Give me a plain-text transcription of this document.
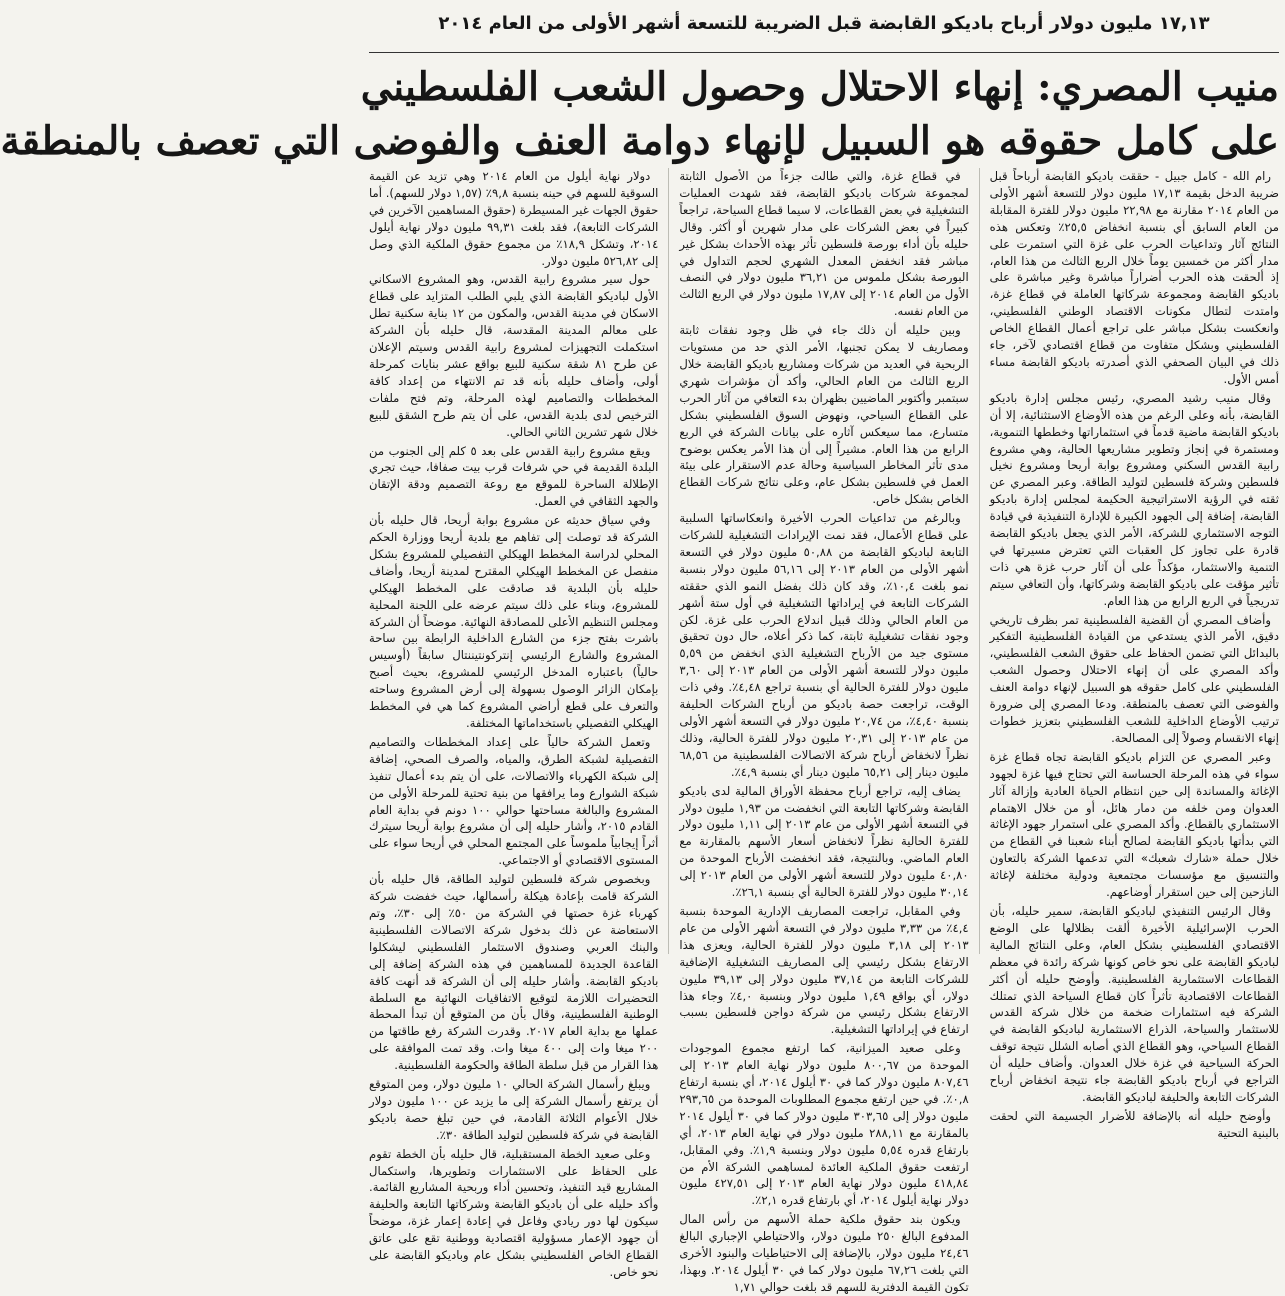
١٧,١٣ مليون دولار أرباح باديكو القابضة قبل الضريبة للتسعة أشهر الأولى من العام ٢٠١٤
منيب المصري: إنهاء الاحتلال وحصول الشعب الفلسطيني
على كامل حقوقه هو السبيل لإنهاء دوامة العنف والفوضى التي تعصف بالمنطقة

رام الله - كامل جبيل - حققت باديكو القابضة أرباحاً قبل ضريبة الدخل بقيمة ١٧,١٣ مليون دولار للتسعة أشهر الأولى من العام ٢٠١٤ مقارنة مع ٢٢,٩٨ مليون دولار للفترة المقابلة من العام السابق أي بنسبة انخفاض ٢٥,٥٪ وتعكس هذه النتائج آثار وتداعيات الحرب على غزة التي استمرت على مدار أكثر من خمسين يوماً خلال الربع الثالث من هذا العام، إذ ألحقت هذه الحرب أضراراً مباشرة وغير مباشرة على باديكو القابضة ومجموعة شركاتها العاملة في قطاع غزة، وامتدت لتطال مكونات الاقتصاد الوطني الفلسطيني، وانعكست بشكل مباشر على تراجع أعمال القطاع الخاص الفلسطيني وبشكل متفاوت من قطاع اقتصادي لآخر، جاء ذلك في البيان الصحفي الذي أصدرته باديكو القابضة مساء أمس الأول.

وقال منيب رشيد المصري، رئيس مجلس إدارة باديكو القابضة، بأنه وعلى الرغم من هذه الأوضاع الاستثنائية، إلا أن باديكو القابضة ماضية قدماً في استثماراتها وخططها التنموية، ومستمرة في إنجاز وتطوير مشاريعها الحالية، وهي مشروع رابية القدس السكني ومشروع بوابة أريحا ومشروع نخيل فلسطين وشركة فلسطين لتوليد الطاقة. وعبر المصري عن ثقته في الرؤية الاستراتيجية الحكيمة لمجلس إدارة باديكو القابضة، إضافة إلى الجهود الكبيرة للإدارة التنفيذية في قيادة التوجه الاستثماري للشركة، الأمر الذي يجعل باديكو القابضة قادرة على تجاوز كل العقبات التي تعترض مسيرتها في التنمية والاستثمار، مؤكداً على أن آثار حرب غزة هي ذات تأثير مؤقت على باديكو القابضة وشركاتها، وأن التعافي سيتم تدريجياً في الربع الرابع من هذا العام.

وأضاف المصري أن القضية الفلسطينية تمر بظرف تاريخي دقيق، الأمر الذي يستدعي من القيادة الفلسطينية التفكير بالبدائل التي تضمن الحفاظ على حقوق الشعب الفلسطيني، وأكد المصري على أن إنهاء الاحتلال وحصول الشعب الفلسطيني على كامل حقوقه هو السبيل لإنهاء دوامة العنف والفوضى التي تعصف بالمنطقة. ودعا المصري إلى ضرورة ترتيب الأوضاع الداخلية للشعب الفلسطيني بتعزيز خطوات إنهاء الانقسام وصولاً إلى المصالحة.

وعبر المصري عن التزام باديكو القابضة تجاه قطاع غزة سواء في هذه المرحلة الحساسة التي تحتاج فيها غزة لجهود الإغاثة والمساندة إلى حين انتظام الحياة العادية وإزالة آثار العدوان ومن خلفه من دمار هائل، أو من خلال الاهتمام الاستثماري بالقطاع. وأكد المصري على استمرار جهود الإغاثة التي بدأتها باديكو القابضة لصالح أبناء شعبنا في القطاع من خلال حملة «شارك شعبك» التي تدعمها الشركة بالتعاون والتنسيق مع مؤسسات مجتمعية ودولية مختلفة لإغاثة النازحين إلى حين استقرار أوضاعهم.

وقال الرئيس التنفيذي لباديكو القابضة، سمير حليله، بأن الحرب الإسرائيلية الأخيرة ألقت بظلالها على الوضع الاقتصادي الفلسطيني بشكل العام، وعلى النتائج المالية لباديكو القابضة على نحو خاص كونها شركة رائدة في معظم القطاعات الاستثمارية الفلسطينية. وأوضح حليله أن أكثر القطاعات الاقتصادية تأثراً كان قطاع السياحة الذي تمتلك الشركة فيه استثمارات ضخمة من خلال شركة القدس للاستثمار والسياحة، الذراع الاستثمارية لباديكو القابضة في القطاع السياحي، وهو القطاع الذي أصابه الشلل نتيجة توقف الحركة السياحية في غزة خلال العدوان. وأضاف حليله أن التراجع في أرباح باديكو القابضة جاء نتيجة انخفاض أرباح الشركات التابعة والحليفة لباديكو القابضة.

وأوضح حليله أنه بالإضافة للأضرار الجسيمة التي لحقت بالبنية التحتية

في قطاع غزة، والتي طالت جزءاً من الأصول الثابتة لمجموعة شركات باديكو القابضة، فقد شهدت العمليات التشغيلية في بعض القطاعات، لا سيما قطاع السياحة، تراجعاً كبيراً في بعض الشركات على مدار شهرين أو أكثر. وقال حليله بأن أداء بورصة فلسطين تأثر بهذه الأحداث بشكل غير مباشر فقد انخفض المعدل الشهري لحجم التداول في البورصة بشكل ملموس من ٣٦,٢١ مليون دولار في النصف الأول من العام ٢٠١٤ إلى ١٧,٨٧ مليون دولار في الربع الثالث من العام نفسه.

وبين حليله أن ذلك جاء في ظل وجود نفقات ثابتة ومصاريف لا يمكن تجنبها، الأمر الذي حد من مستويات الربحية في العديد من شركات ومشاريع باديكو القابضة خلال الربع الثالث من العام الحالي، وأكد أن مؤشرات شهري سبتمبر وأكتوبر الماضيين بظهران بدء التعافي من آثار الحرب على القطاع السياحي، ونهوض السوق الفلسطيني بشكل متسارع، مما سيعكس آثاره على بيانات الشركة في الربع الرابع من هذا العام. مشيراً إلى أن هذا الأمر يعكس بوضوح مدى تأثر المخاطر السياسية وحالة عدم الاستقرار على بيئة العمل في فلسطين بشكل عام، وعلى نتائج شركات القطاع الخاص بشكل خاص.

وبالرغم من تداعيات الحرب الأخيرة وانعكاساتها السلبية على قطاع الأعمال، فقد نمت الإيرادات التشغيلية للشركات التابعة لباديكو القابضة من ٥٠,٨٨ مليون دولار في التسعة أشهر الأولى من العام ٢٠١٣ إلى ٥٦,١٦ مليون دولار بنسبة نمو بلغت ١٠,٤٪، وقد كان ذلك بفضل النمو الذي حققته الشركات التابعة في إيراداتها التشغيلية في أول ستة أشهر من العام الحالي وذلك قبيل اندلاع الحرب على غزة. لكن وجود نفقات تشغيلية ثابتة، كما ذكر أعلاه، حال دون تحقيق مستوى جيد من الأرباح التشغيلية الذي انخفض من ٥,٥٩ مليون دولار للتسعة أشهر الأولى من العام ٢٠١٣ إلى ٣,٦٠ مليون دولار للفترة الحالية أي بنسبة تراجع ٤,٤٨٪. وفي ذات الوقت، تراجعت حصة باديكو من أرباح الشركات الحليفة بنسبة ٤,٤٠٪، من ٢٠,٧٤ مليون دولار في التسعة أشهر الأولى من عام ٢٠١٣ إلى ٢٠,٣١ مليون دولار للفترة الحالية، وذلك نظراً لانخفاض أرباح شركة الاتصالات الفلسطينية من ٦٨,٥٦ مليون دينار إلى ٦٥,٢١ مليون دينار أي بنسبة ٤,٩٪.

يضاف إليه، تراجع أرباح محفظة الأوراق المالية لدى باديكو القابضة وشركاتها التابعة التي انخفضت من ١,٩٣ مليون دولار في التسعة أشهر الأولى من عام ٢٠١٣ إلى ١,١١ مليون دولار للفترة الحالية نظراً لانخفاض أسعار الأسهم بالمقارنة مع العام الماضي. وبالنتيجة، فقد انخفضت الأرباح الموحدة من ٤٠,٨٠ مليون دولار للتسعة أشهر الأولى من العام ٢٠١٣ إلى ٣٠,١٤ مليون دولار للفترة الحالية أي بنسبة ٢٦,١٪.

وفي المقابل، تراجعت المصاريف الإدارية الموحدة بنسبة ٤,٤٪ من ٣,٣٣ مليون دولار في التسعة أشهر الأولى من عام ٢٠١٣ إلى ٣,١٨ مليون دولار للفترة الحالية، ويعزى هذا الارتفاع بشكل رئيسي إلى المصاريف التشغيلية الإضافية للشركات التابعة من ٣٧,١٤ مليون دولار إلى ٣٩,١٣ مليون دولار، أي بواقع ١,٤٩ مليون دولار وبنسبة ٤,٠٪ وجاء هذا الارتفاع بشكل رئيسي من شركة دواجن فلسطين بسبب ارتفاع في إيراداتها التشغيلية.

وعلى صعيد الميزانية، كما ارتفع مجموع الموجودات الموحدة من ٨٠٠,٦٧ مليون دولار نهاية العام ٢٠١٣ إلى ٨٠٧,٤٦ مليون دولار كما في ٣٠ أيلول ٢٠١٤، أي بنسبة ارتفاع ٠,٨٪. في حين ارتفع مجموع المطلوبات الموحدة من ٢٩٣,٦٥ مليون دولار إلى ٣٠٣,٦٥ مليون دولار كما في ٣٠ أيلول ٢٠١٤ بالمقارنة مع ٢٨٨,١١ مليون دولار في نهاية العام ٢٠١٣، أي بارتفاع قدره ٥,٥٤ مليون دولار وبنسبة ١,٩٪. وفي المقابل، ارتفعت حقوق الملكية العائدة لمساهمي الشركة الأم من ٤١٨,٨٤ مليون دولار نهاية العام ٢٠١٣ إلى ٤٢٧,٥١ مليون دولار نهاية أيلول ٢٠١٤، أي بارتفاع قدره ٢,١٪.

ويكون بند حقوق ملكية حملة الأسهم من رأس المال المدفوع البالغ ٢٥٠ مليون دولار، والاحتياطي الإجباري البالغ ٢٤,٤٦ مليون دولار، بالإضافة إلى الاحتياطيات والبنود الأخرى التي بلغت ٦٧,٢٦ مليون دولار كما في ٣٠ أيلول ٢٠١٤. وبهذا، تكون القيمة الدفترية للسهم قد بلغت حوالي ١,٧١

دولار نهاية أيلول من العام ٢٠١٤ وهي تزيد عن القيمة السوقية للسهم في حينه بنسبة ٩,٨٪ (١,٥٧ دولار للسهم). أما حقوق الجهات غير المسيطرة (حقوق المساهمين الآخرين في الشركات التابعة)، فقد بلغت ٩٩,٣١ مليون دولار نهاية أيلول ٢٠١٤، وتشكل ١٨,٩٪ من مجموع حقوق الملكية الذي وصل إلى ٥٢٦,٨٢ مليون دولار.

حول سير مشروع رابية القدس، وهو المشروع الاسكاني الأول لباديكو القابضة الذي يلبي الطلب المتزايد على قطاع الاسكان في مدينة القدس، والمكون من ١٢ بناية سكنية تطل على معالم المدينة المقدسة، قال حليله بأن الشركة استكملت التجهيزات لمشروع رابية القدس وسيتم الإعلان عن طرح ٨١ شقة سكنية للبيع بواقع عشر بنايات كمرحلة أولى، وأضاف حليله بأنه قد تم الانتهاء من إعداد كافة المخططات والتصاميم لهذه المرحلة، وتم فتح ملفات الترخيص لدى بلدية القدس، على أن يتم طرح الشقق للبيع خلال شهر تشرين الثاني الحالي.

ويقع مشروع رابية القدس على بعد ٥ كلم إلى الجنوب من البلدة القديمة في حي شرفات قرب بيت صفافا، حيث تجري الإطلالة الساحرة للموقع مع روعة التصميم ودقة الإتقان والجهد الثقافي في العمل.

وفي سياق حديثه عن مشروع بوابة أريحا، قال حليله بأن الشركة قد توصلت إلى تفاهم مع بلدية أريحا ووزارة الحكم المحلي لدراسة المخطط الهيكلي التفصيلي للمشروع بشكل منفصل عن المخطط الهيكلي المقترح لمدينة أريحا، وأضاف حليله بأن البلدية قد صادقت على المخطط الهيكلي للمشروع، وبناء على ذلك سيتم عرضه على اللجنة المحلية ومجلس التنظيم الأعلى للمصادقة النهائية. موضحاً أن الشركة باشرت بفتح جزء من الشارع الداخلية الرابطة بين ساحة المشروع والشارع الرئيسي إنتركونتيننتال سابقاً (أوسيس حالياً) باعتباره المدخل الرئيسي للمشروع، بحيث أصبح بإمكان الزائر الوصول بسهولة إلى أرض المشروع وساحته والتعرف على قطع أراضي المشروع كما هي في المخطط الهيكلي التفصيلي باستخداماتها المختلفة.

وتعمل الشركة حالياً على إعداد المخططات والتصاميم التفصيلية لشبكة الطرق، والمياه، والصرف الصحي، إضافة إلى شبكة الكهرباء والاتصالات، على أن يتم بدء أعمال تنفيذ شبكة الشوارع وما يرافقها من بنية تحتية للمرحلة الأولى من المشروع والبالغة مساحتها حوالي ١٠٠ دونم في بداية العام القادم ٢٠١٥، وأشار حليله إلى أن مشروع بوابة أريحا سيترك أثراً إيجابياً ملموساً على المجتمع المحلي في أريحا سواء على المستوى الاقتصادي أو الاجتماعي.

وبخصوص شركة فلسطين لتوليد الطاقة، قال حليله بأن الشركة قامت بإعادة هيكلة رأسمالها، حيث خفضت شركة كهرباء غزة حصتها في الشركة من ٥٠٪ إلى ٣٠٪، وتم الاستعاضة عن ذلك بدخول شركة الاتصالات الفلسطينية والبنك العربي وصندوق الاستثمار الفلسطيني ليشكلوا القاعدة الجديدة للمساهمين في هذه الشركة إضافة إلى باديكو القابضة. وأشار حليله إلى أن الشركة قد أنهت كافة التحضيرات اللازمة لتوقيع الاتفاقيات النهائية مع السلطة الوطنية الفلسطينية، وقال بأن من المتوقع أن تبدأ المحطة عملها مع بداية العام ٢٠١٧. وقدرت الشركة رفع طاقتها من ٢٠٠ ميغا وات إلى ٤٠٠ ميغا وات. وقد تمت الموافقة على هذا القرار من قبل سلطة الطاقة والحكومة الفلسطينية.

ويبلغ رأسمال الشركة الحالي ١٠ مليون دولار، ومن المتوقع أن يرتفع رأسمال الشركة إلى ما يزيد عن ١٠٠ مليون دولار خلال الأعوام الثلاثة القادمة، في حين تبلغ حصة باديكو القابضة في شركة فلسطين لتوليد الطاقة ٣٠٪.

وعلى صعيد الخطة المستقبلية، قال حليله بأن الخطة تقوم على الحفاظ على الاستثمارات وتطويرها، واستكمال المشاريع قيد التنفيذ، وتحسين أداء وربحية المشاريع القائمة. وأكد حليله على أن باديكو القابضة وشركاتها التابعة والحليفة سيكون لها دور ريادي وفاعل في إعادة إعمار غزة، موضحاً أن جهود الإعمار مسؤولية اقتصادية ووطنية تقع على عاتق القطاع الخاص الفلسطيني بشكل عام وباديكو القابضة على نحو خاص.
